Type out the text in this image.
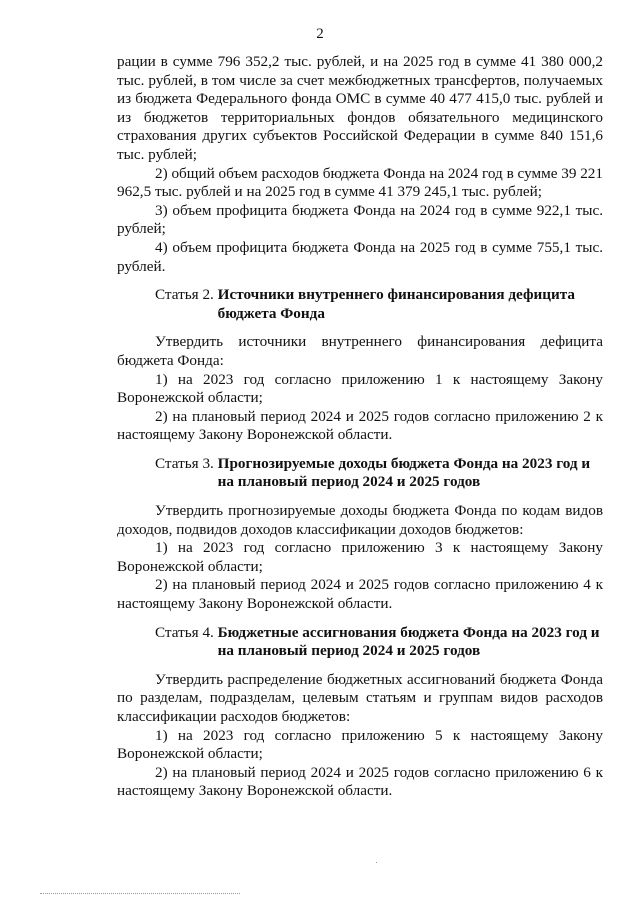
2

рации в сумме 796 352,2 тыс. рублей, и на 2025 год в сумме 41 380 000,2 тыс. рублей, в том числе за счет межбюджетных трансфертов, получаемых из бюджета Федерального фонда ОМС в сумме 40 477 415,0 тыс. рублей и из бюджетов территориальных фондов обязательного медицинского страхования других субъектов Российской Федерации в сумме 840 151,6 тыс. рублей;

2) общий объем расходов бюджета Фонда на 2024 год в сумме 39 221 962,5 тыс. рублей и на 2025 год в сумме 41 379 245,1 тыс. рублей;

3) объем профицита бюджета Фонда на 2024 год в сумме 922,1 тыс. рублей;

4) объем профицита бюджета Фонда на 2025 год в сумме 755,1 тыс. рублей.

Статья 2. Источники внутреннего финансирования дефицита
бюджета Фонда

Утвердить источники внутреннего финансирования дефицита бюджета Фонда:

1) на 2023 год согласно приложению 1 к настоящему Закону Воронежской области;

2) на плановый период 2024 и 2025 годов согласно приложению 2 к настоящему Закону Воронежской области.

Статья 3. Прогнозируемые доходы бюджета Фонда на 2023 год и
на плановый период 2024 и 2025 годов

Утвердить прогнозируемые доходы бюджета Фонда по кодам видов доходов, подвидов доходов классификации доходов бюджетов:

1) на 2023 год согласно приложению 3 к настоящему Закону Воронежской области;

2) на плановый период 2024 и 2025 годов согласно приложению 4 к настоящему Закону Воронежской области.

Статья 4. Бюджетные ассигнования бюджета Фонда на 2023 год и
на плановый период 2024 и 2025 годов

Утвердить распределение бюджетных ассигнований бюджета Фонда по разделам, подразделам, целевым статьям и группам видов расходов классификации расходов бюджетов:

1) на 2023 год согласно приложению 5 к настоящему Закону Воронежской области;

2) на плановый период 2024 и 2025 годов согласно приложению 6 к настоящему Закону Воронежской области.
